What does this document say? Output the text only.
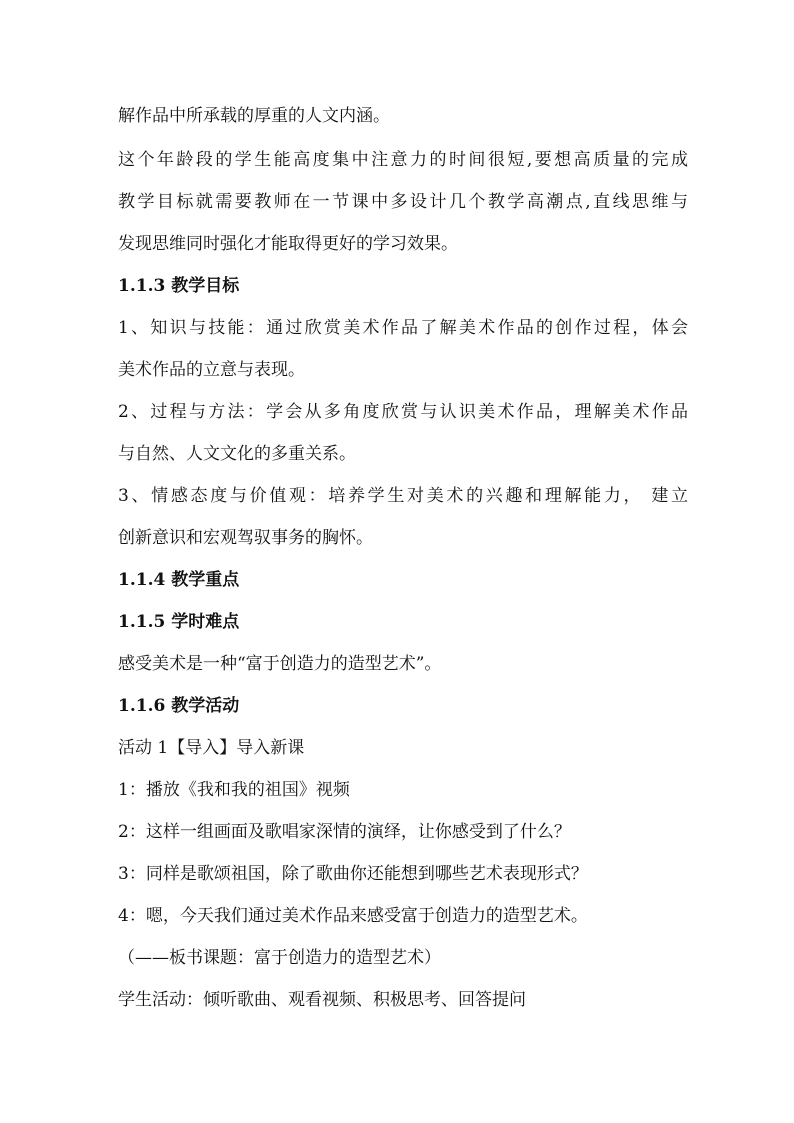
解作品中所承载的厚重的人文内涵。
这个年龄段的学生能高度集中注意力的时间很短,要想高质量的完成
教学目标就需要教师在一节课中多设计几个教学高潮点,直线思维与
发现思维同时强化才能取得更好的学习效果。
1.1.3 教学目标
1、知识与技能：通过欣赏美术作品了解美术作品的创作过程，体会
美术作品的立意与表现。
2、过程与方法：学会从多角度欣赏与认识美术作品，理解美术作品
与自然、人文文化的多重关系。
3、情感态度与价值观：培养学生对美术的兴趣和理解能力， 建立
创新意识和宏观驾驭事务的胸怀。
1.1.4 教学重点
1.1.5 学时难点
感受美术是一种“富于创造力的造型艺术”。
1.1.6 教学活动
活动 1【导入】导入新课
1：播放《我和我的祖国》视频
2：这样一组画面及歌唱家深情的演绎，让你感受到了什么？
3：同样是歌颂祖国，除了歌曲你还能想到哪些艺术表现形式？
4：嗯，今天我们通过美术作品来感受富于创造力的造型艺术。
（——板书课题：富于创造力的造型艺术）
学生活动：倾听歌曲、观看视频、积极思考、回答提问
